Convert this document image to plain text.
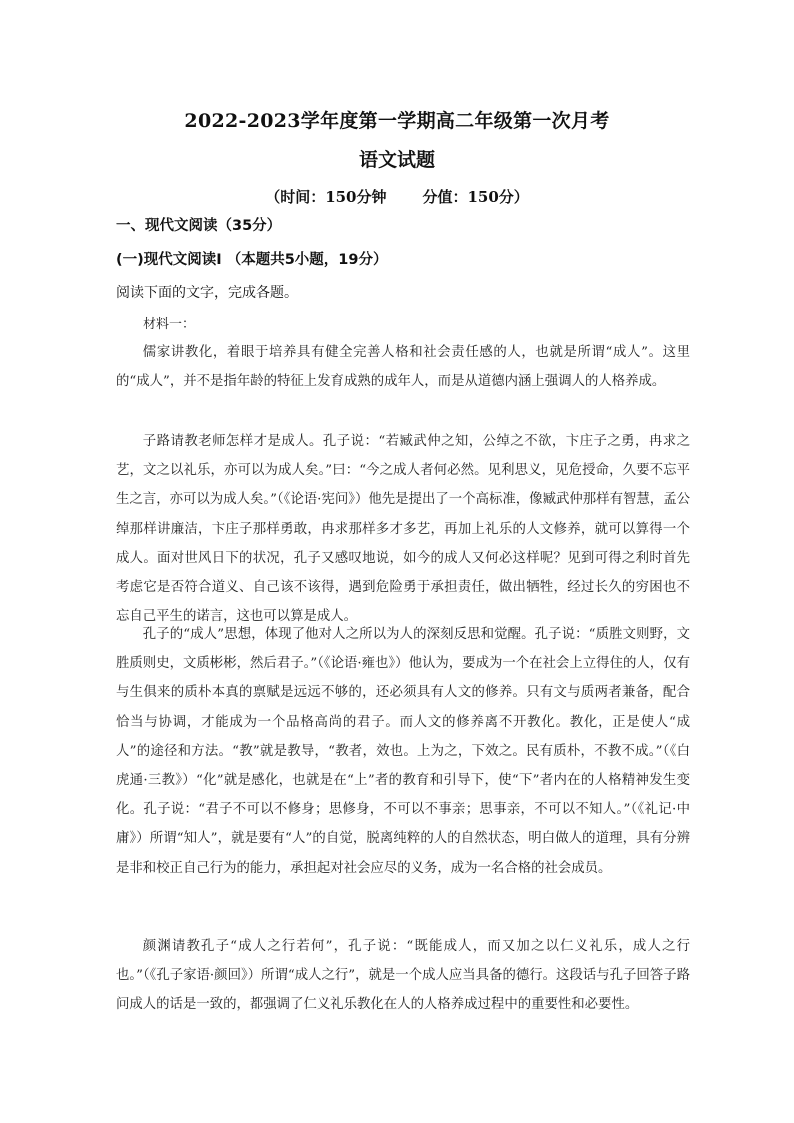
2022-2023学年度第一学期高二年级第一次月考
语文试题
（时间：150分钟 分值：150分）
一、现代文阅读（35分）
(一)现代文阅读Ⅰ （本题共5小题，19分）
阅读下面的文字，完成各题。
材料一：

儒家讲教化，着眼于培养具有健全完善人格和社会责任感的人，也就是所谓“成人”。这里的“成人”，并不是指年龄的特征上发育成熟的成年人，而是从道德内涵上强调人的人格养成。

子路请教老师怎样才是成人。孔子说：“若臧武仲之知，公绰之不欲，卞庄子之勇，冉求之艺，文之以礼乐，亦可以为成人矣。”曰：“今之成人者何必然。见利思义，见危授命，久要不忘平生之言，亦可以为成人矣。”（《论语·宪问》）他先是提出了一个高标准，像臧武仲那样有智慧，孟公绰那样讲廉洁，卞庄子那样勇敢，冉求那样多才多艺，再加上礼乐的人文修养，就可以算得一个成人。面对世风日下的状况，孔子又感叹地说，如今的成人又何必这样呢？见到可得之利时首先考虑它是否符合道义、自己该不该得，遇到危险勇于承担责任，做出牺牲，经过长久的穷困也不忘自己平生的诺言，这也可以算是成人。

孔子的“成人”思想，体现了他对人之所以为人的深刻反思和觉醒。孔子说：“质胜文则野，文胜质则史，文质彬彬，然后君子。”（《论语·雍也》）他认为，要成为一个在社会上立得住的人，仅有与生俱来的质朴本真的禀赋是远远不够的，还必须具有人文的修养。只有文与质两者兼备，配合恰当与协调，才能成为一个品格高尚的君子。而人文的修养离不开教化。教化，正是使人“成人”的途径和方法。“教”就是教导，“教者，效也。上为之，下效之。民有质朴，不教不成。”（《白虎通·三教》）“化”就是感化，也就是在“上”者的教育和引导下，使“下”者内在的人格精神发生变化。孔子说：“君子不可以不修身；思修身，不可以不事亲；思事亲，不可以不知人。”（《礼记·中庸》）所谓“知人”，就是要有“人”的自觉，脱离纯粹的人的自然状态，明白做人的道理，具有分辨是非和校正自己行为的能力，承担起对社会应尽的义务，成为一名合格的社会成员。

颜渊请教孔子“成人之行若何”，孔子说：“既能成人，而又加之以仁义礼乐，成人之行也。”（《孔子家语·颜回》）所谓“成人之行”，就是一个成人应当具备的德行。这段话与孔子回答子路问成人的话是一致的，都强调了仁义礼乐教化在人的人格养成过程中的重要性和必要性。
